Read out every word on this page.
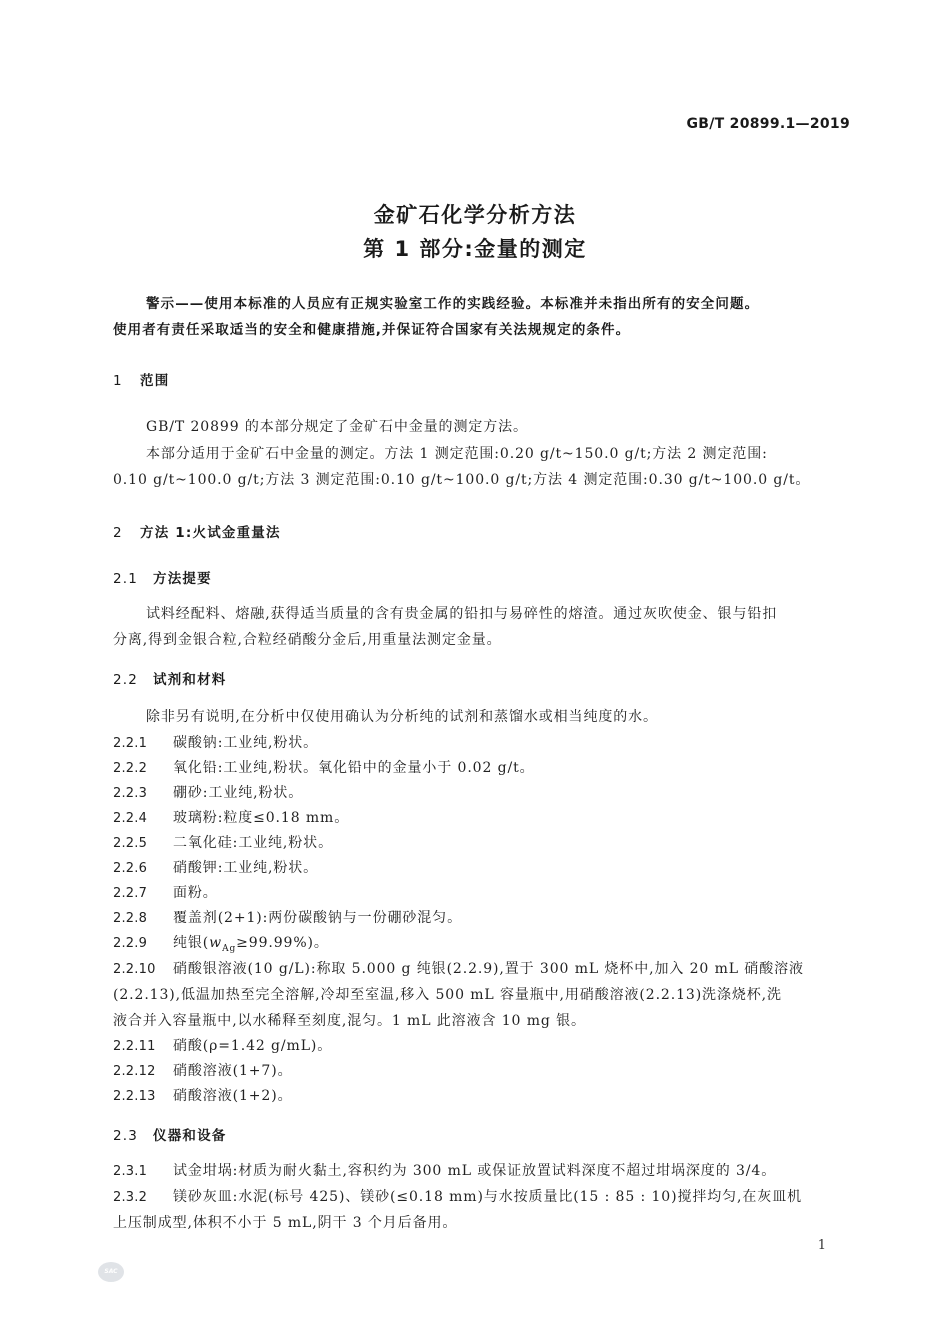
GB/T 20899.1—2019
金矿石化学分析方法
第 1 部分:金量的测定
警示——使用本标准的人员应有正规实验室工作的实践经验。本标准并未指出所有的安全问题。
使用者有责任采取适当的安全和健康措施,并保证符合国家有关法规规定的条件。
1 范围
GB/T 20899 的本部分规定了金矿石中金量的测定方法。
本部分适用于金矿石中金量的测定。方法 1 测定范围:0.20 g/t~150.0 g/t;方法 2 测定范围:
0.10 g/t~100.0 g/t;方法 3 测定范围:0.10 g/t~100.0 g/t;方法 4 测定范围:0.30 g/t~100.0 g/t。
2 方法 1:火试金重量法
2.1 方法提要
试料经配料、熔融,获得适当质量的含有贵金属的铅扣与易碎性的熔渣。通过灰吹使金、银与铅扣
分离,得到金银合粒,合粒经硝酸分金后,用重量法测定金量。
2.2 试剂和材料
除非另有说明,在分析中仅使用确认为分析纯的试剂和蒸馏水或相当纯度的水。
2.2.1 碳酸钠:工业纯,粉状。
2.2.2 氧化铅:工业纯,粉状。氧化铅中的金量小于 0.02 g/t。
2.2.3 硼砂:工业纯,粉状。
2.2.4 玻璃粉:粒度≤0.18 mm。
2.2.5 二氧化硅:工业纯,粉状。
2.2.6 硝酸钾:工业纯,粉状。
2.2.7 面粉。
2.2.8 覆盖剂(2+1):两份碳酸钠与一份硼砂混匀。
2.2.9 纯银$(w_{Ag}\ge 99.99\%)$。
2.2.10 硝酸银溶液(10 g/L):称取 5.000 g 纯银(2.2.9),置于 300 mL 烧杯中,加入 20 mL 硝酸溶液
(2.2.13),低温加热至完全溶解,冷却至室温,移入 500 mL 容量瓶中,用硝酸溶液(2.2.13)洗涤烧杯,洗
液合并入容量瓶中,以水稀释至刻度,混匀。1 mL 此溶液含 10 mg 银。
2.2.11 硝酸(ρ=1.42 g/mL)。
2.2.12 硝酸溶液(1+7)。
2.2.13 硝酸溶液(1+2)。
2.3 仪器和设备
2.3.1 试金坩埚:材质为耐火黏土,容积约为 300 mL 或保证放置试料深度不超过坩埚深度的 3/4。
2.3.2 镁砂灰皿:水泥(标号 425)、镁砂(≤0.18 mm)与水按质量比(15 : 85 : 10)搅拌均匀,在灰皿机
上压制成型,体积不小于 5 mL,阴干 3 个月后备用。
1
SAC
